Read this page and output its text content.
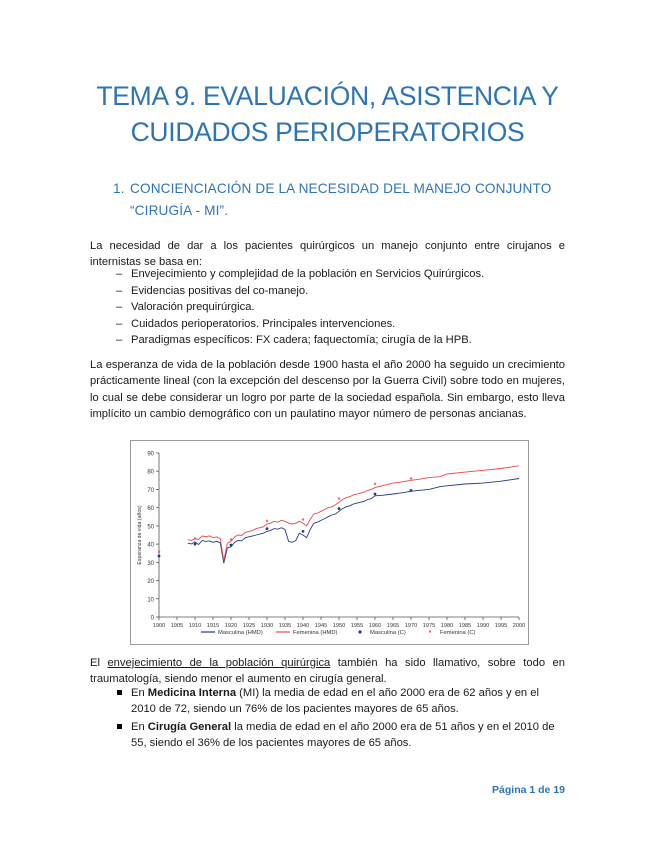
TEMA 9. EVALUACIÓN, ASISTENCIA Y
CUIDADOS PERIOPERATORIOS
1. CONCIENCIACIÓN DE LA NECESIDAD DEL MANEJO CONJUNTO
“CIRUGÍA - MI”.

La necesidad de dar a los pacientes quirúrgicos un manejo conjunto entre cirujanos e internistas se basa en:

– Envejecimiento y complejidad de la población en Servicios Quirúrgicos.
– Evidencias positivas del co-manejo.
– Valoración prequirúrgica.
– Cuidados perioperatorios. Principales intervenciones.
– Paradigmas específicos: FX cadera; faquectomía; cirugía de la HPB.

La esperanza de vida de la población desde 1900 hasta el año 2000 ha seguido un crecimiento prácticamente lineal (con la excepción del descenso por la Guerra Civil) sobre todo en mujeres, lo cual se debe considerar un logro por parte de la sociedad española. Sin embargo, esto lleva implícito un cambio demográfico con un paulatino mayor número de personas ancianas.

0
10
20
30
40
50
60
70
80
90
1900 1905 1910 1915 1920 1925 1930 1935 1940 1945 1950 1955 1960 1965 1970 1975 1980 1985 1990 1995 2000
Esperanza de vida (años) *
*	*
*	*
*
*
*
Masculina (HMD)	Femenina (HMD)	Masculina (C)	* Femenina (C)

El envejecimiento de la población quirúrgica también ha sido llamativo, sobre todo en traumatología, siendo menor el aumento en cirugía general.

En Medicina Interna (MI) la media de edad en el año 2000 era de 62 años y en el 2010 de 72, siendo un 76% de los pacientes mayores de 65 años.
En Cirugía General la media de edad en el año 2000 era de 51 años y en el 2010 de 55, siendo el 36% de los pacientes mayores de 65 años.
Página 1 de 19
